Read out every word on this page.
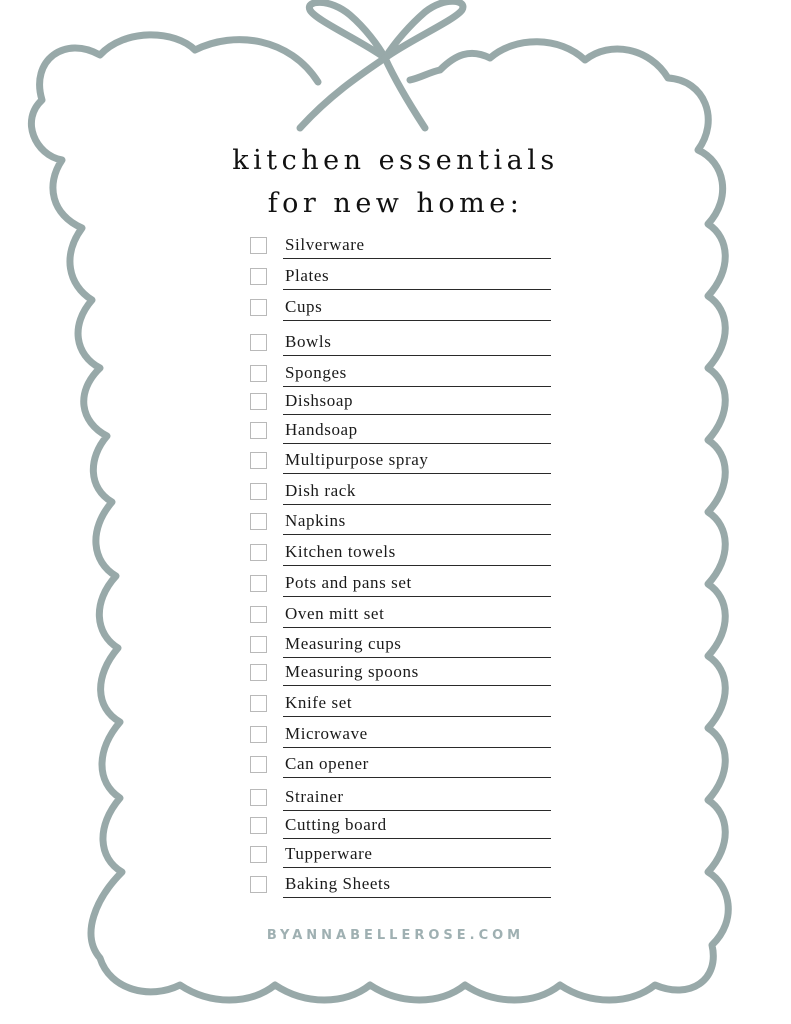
kitchen essentials
for new home:
Silverware
Plates
Cups
Bowls
Sponges
Dishsoap
Handsoap
Multipurpose spray
Dish rack
Napkins
Kitchen towels
Pots and pans set
Oven mitt set
Measuring cups
Measuring spoons
Knife set
Microwave
Can opener
Strainer
Cutting board
Tupperware
Baking Sheets
BYANNABELLEROSE.COM
